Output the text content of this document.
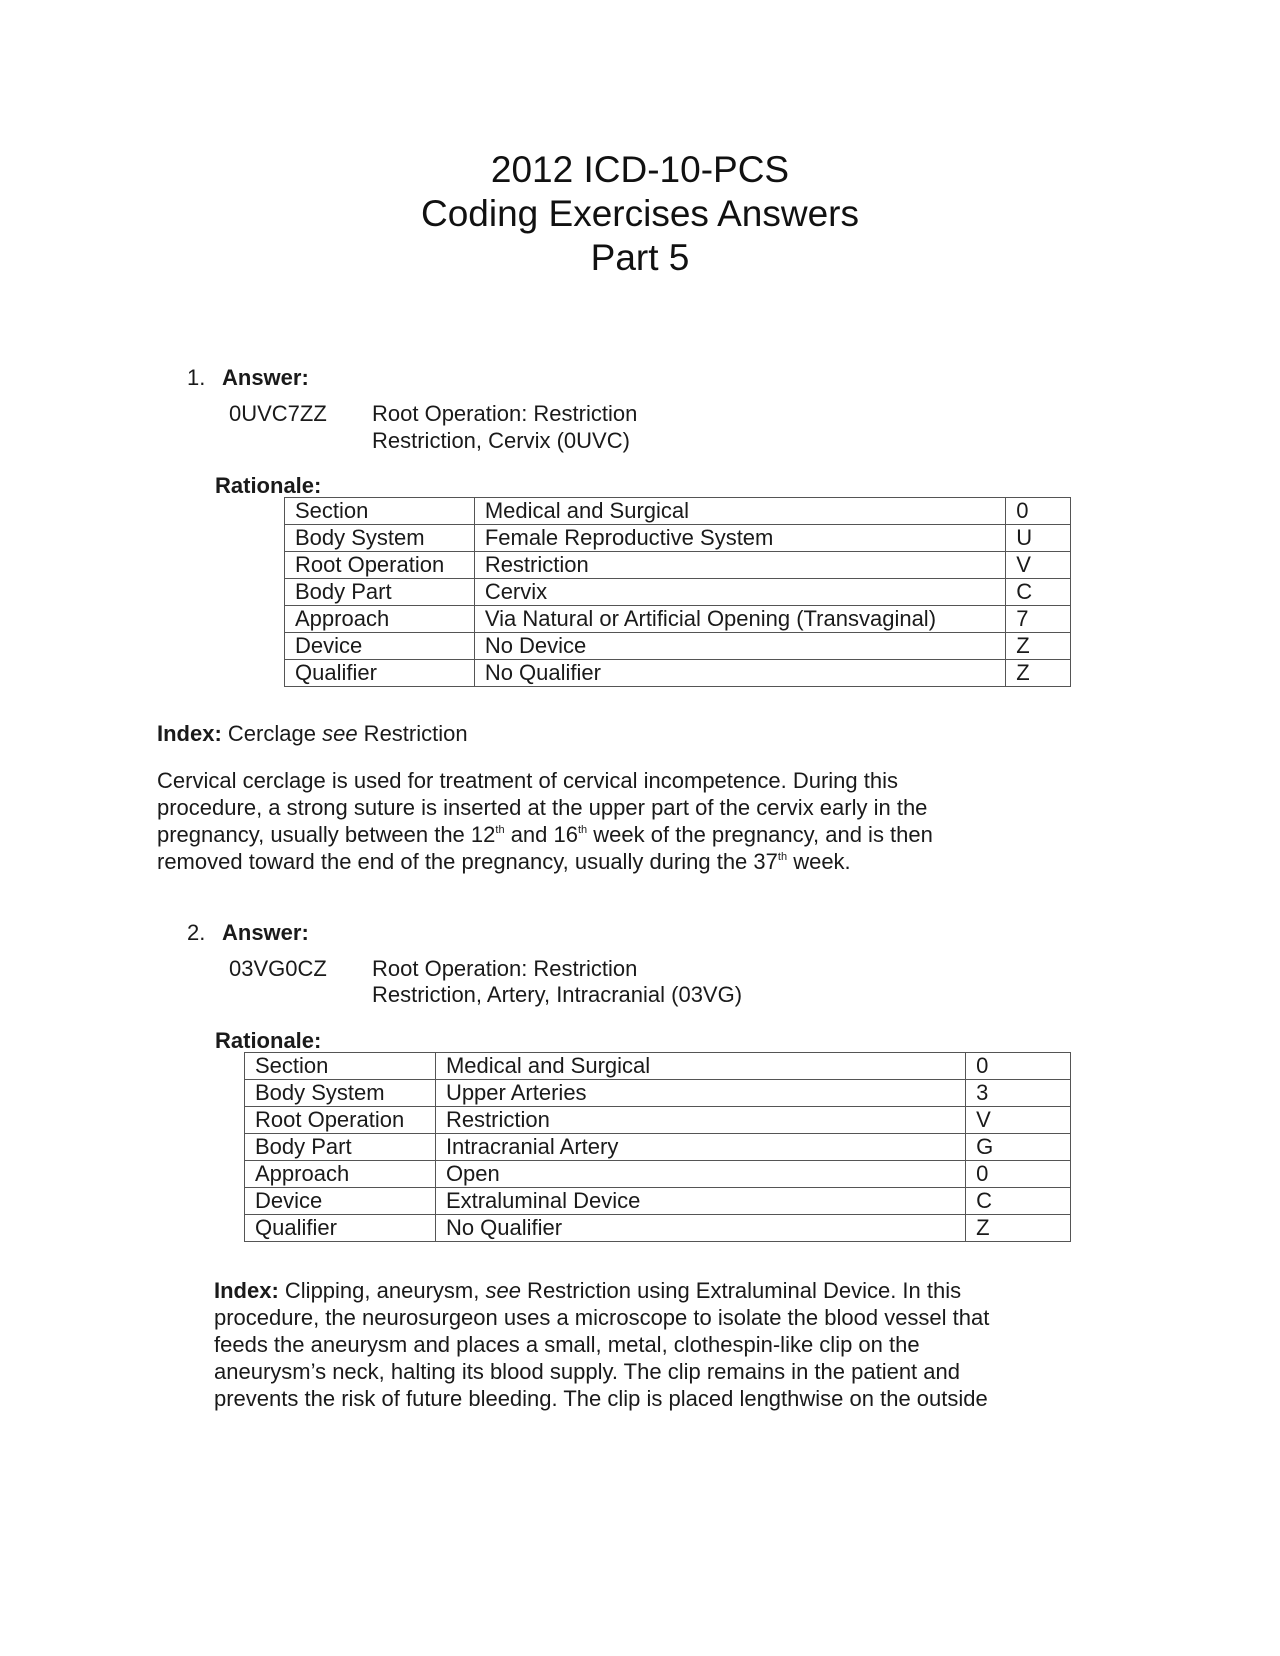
2012 ICD-10-PCS
Coding Exercises Answers
Part 5
1. Answer:
0UVC7ZZ Root Operation: Restriction
Restriction, Cervix (0UVC)
Rationale:
Section	Medical and Surgical	0
Body System	Female Reproductive System	U
Root Operation	Restriction	V
Body Part	Cervix	C
Approach	Via Natural or Artificial Opening (Transvaginal)	7
Device	No Device	Z
Qualifier	No Qualifier	Z
Index: Cerclage see Restriction
Cervical cerclage is used for treatment of cervical incompetence. During this
procedure, a strong suture is inserted at the upper part of the cervix early in the
pregnancy, usually between the 12th and 16th week of the pregnancy, and is then
removed toward the end of the pregnancy, usually during the 37th week.
2. Answer:
03VG0CZ Root Operation: Restriction
Restriction, Artery, Intracranial (03VG)
Rationale:
Section	Medical and Surgical	0
Body System	Upper Arteries	3
Root Operation	Restriction	V
Body Part	Intracranial Artery	G
Approach	Open	0
Device	Extraluminal Device	C
Qualifier	No Qualifier	Z
Index: Clipping, aneurysm, see Restriction using Extraluminal Device. In this
procedure, the neurosurgeon uses a microscope to isolate the blood vessel that
feeds the aneurysm and places a small, metal, clothespin-like clip on the
aneurysm’s neck, halting its blood supply. The clip remains in the patient and
prevents the risk of future bleeding. The clip is placed lengthwise on the outside
